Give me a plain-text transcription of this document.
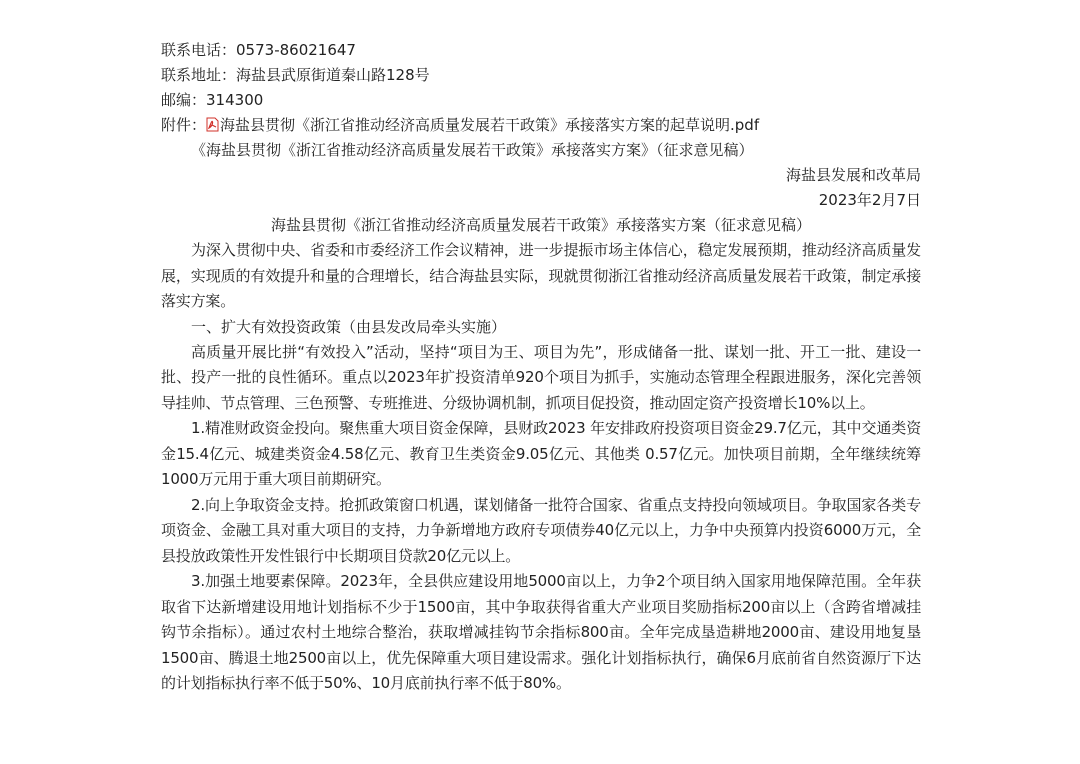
联系电话：0573-86021647
联系地址：海盐县武原街道秦山路128号
邮编：314300
附件： 海盐县贯彻《浙江省推动经济高质量发展若干政策》承接落实方案的起草说明.pdf
《海盐县贯彻《浙江省推动经济高质量发展若干政策》承接落实方案》（征求意见稿）
海盐县发展和改革局
2023年2月7日
海盐县贯彻《浙江省推动经济高质量发展若干政策》承接落实方案（征求意见稿）
为深入贯彻中央、省委和市委经济工作会议精神，进一步提振市场主体信心，稳定发展预期，推动经济高质量发展，实现质的有效提升和量的合理增长，结合海盐县实际，现就贯彻浙江省推动经济高质量发展若干政策，制定承接落实方案。
一、扩大有效投资政策（由县发改局牵头实施）
高质量开展比拼“有效投入”活动，坚持“项目为王、项目为先”，形成储备一批、谋划一批、开工一批、建设一批、投产一批的良性循环。重点以2023年扩投资清单920个项目为抓手，实施动态管理全程跟进服务，深化完善领导挂帅、节点管理、三色预警、专班推进、分级协调机制，抓项目促投资，推动固定资产投资增长10%以上。
1.精准财政资金投向。聚焦重大项目资金保障，县财政2023 年安排政府投资项目资金29.7亿元，其中交通类资金15.4亿元、城建类资金4.58亿元、教育卫生类资金9.05亿元、其他类 0.57亿元。加快项目前期，全年继续统筹1000万元用于重大项目前期研究。
2.向上争取资金支持。抢抓政策窗口机遇，谋划储备一批符合国家、省重点支持投向领域项目。争取国家各类专项资金、金融工具对重大项目的支持，力争新增地方政府专项债券40亿元以上，力争中央预算内投资6000万元，全县投放政策性开发性银行中长期项目贷款20亿元以上。
3.加强土地要素保障。2023年，全县供应建设用地5000亩以上，力争2个项目纳入国家用地保障范围。全年获取省下达新增建设用地计划指标不少于1500亩，其中争取获得省重大产业项目奖励指标200亩以上（含跨省增减挂钩节余指标）。通过农村土地综合整治，获取增减挂钩节余指标800亩。全年完成垦造耕地2000亩、建设用地复垦1500亩、腾退土地2500亩以上，优先保障重大项目建设需求。强化计划指标执行，确保6月底前省自然资源厅下达的计划指标执行率不低于50%、10月底前执行率不低于80%。
